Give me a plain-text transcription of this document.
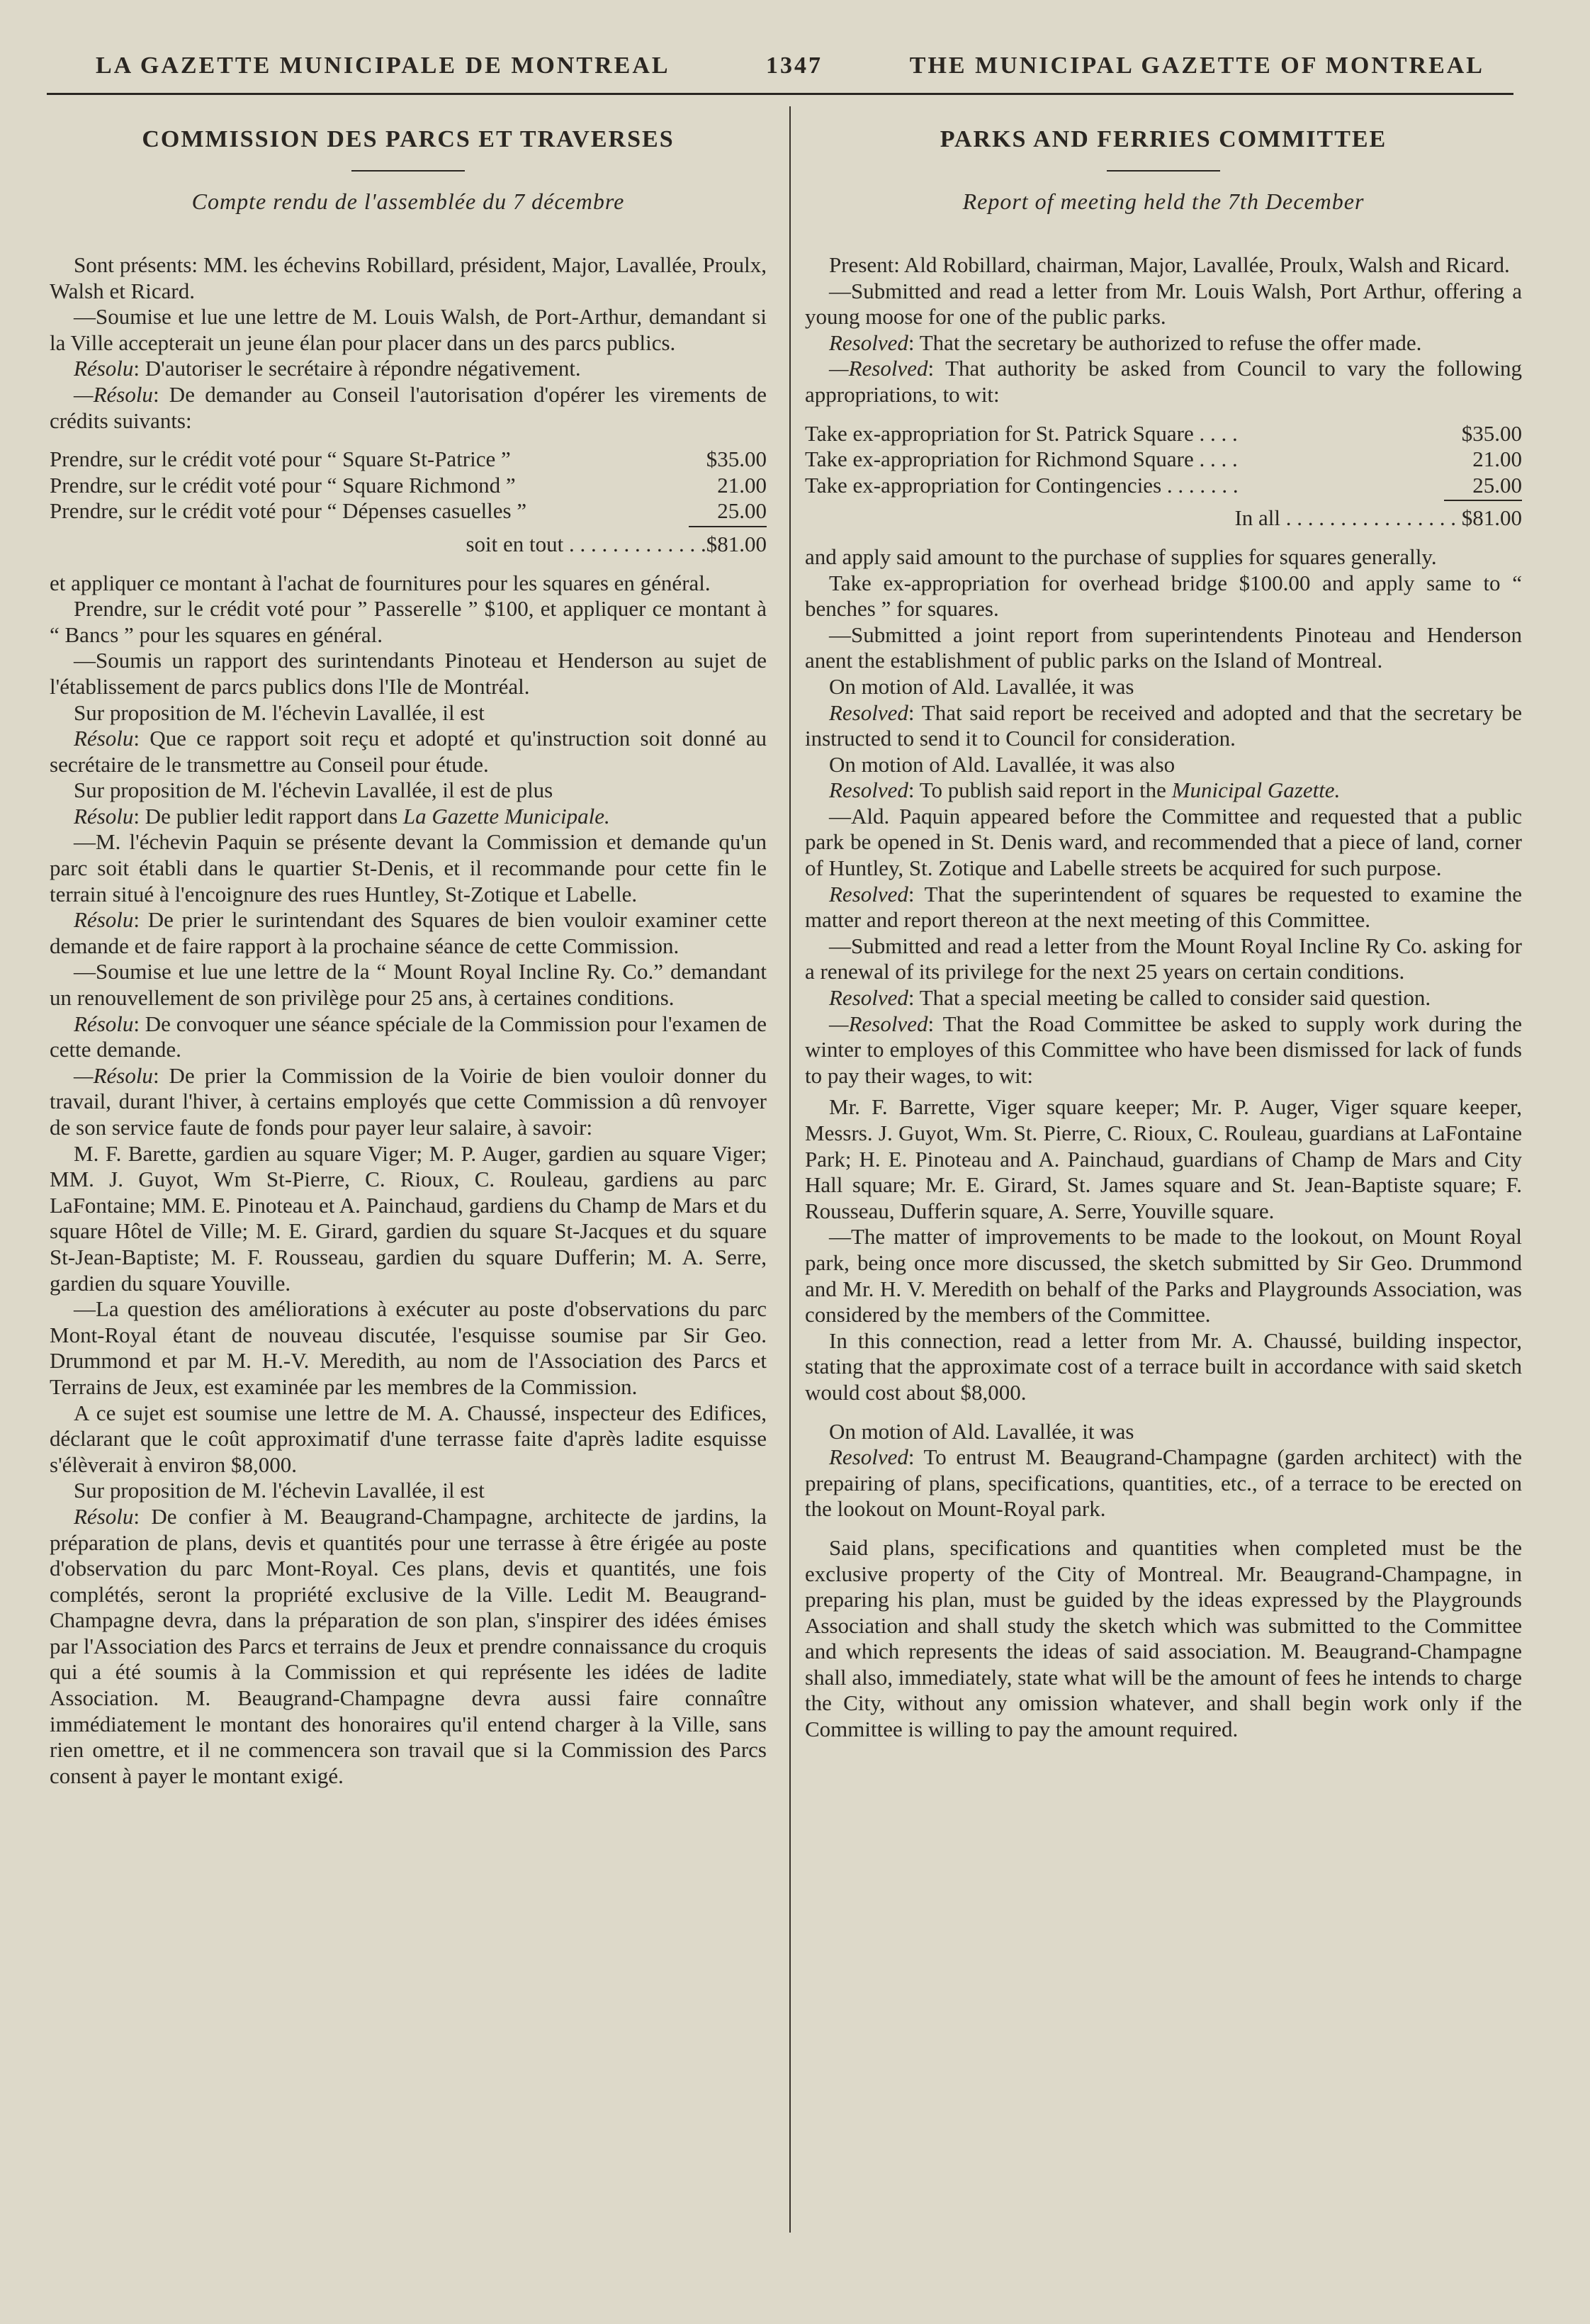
LA GAZETTE MUNICIPALE DE MONTREAL	1347	THE MUNICIPAL GAZETTE OF MONTREAL
COMMISSION DES PARCS ET TRAVERSES
Compte rendu de l'assemblée du 7 décembre

Sont présents: MM. les échevins Robillard, président, Major, Lavallée, Proulx, Walsh et Ricard.

—Soumise et lue une lettre de M. Louis Walsh, de Port-Arthur, demandant si la Ville accepterait un jeune élan pour placer dans un des parcs publics.

Résolu: D'autoriser le secrétaire à répondre négativement.

—Résolu: De demander au Conseil l'autorisation d'opérer les virements de crédits suivants:

Prendre, sur le crédit voté pour “ Square St-Patrice ”	$35.00
Prendre, sur le crédit voté pour “ Square Richmond ”	21.00
Prendre, sur le crédit voté pour “ Dépenses casuelles ”	25.00
soit en tout . . . . . . . . . . . . .$81.00

et appliquer ce montant à l'achat de fournitures pour les squares en général.

Prendre, sur le crédit voté pour ” Passerelle ” $100, et appliquer ce montant à “ Bancs ” pour les squares en général.

—Soumis un rapport des surintendants Pinoteau et Henderson au sujet de l'établissement de parcs publics dons l'Ile de Montréal.

Sur proposition de M. l'échevin Lavallée, il est

Résolu: Que ce rapport soit reçu et adopté et qu'instruction soit donné au secrétaire de le transmettre au Conseil pour étude.

Sur proposition de M. l'échevin Lavallée, il est de plus

Résolu: De publier ledit rapport dans La Gazette Municipale.

—M. l'échevin Paquin se présente devant la Commission et demande qu'un parc soit établi dans le quartier St-Denis, et il recommande pour cette fin le terrain situé à l'encoignure des rues Huntley, St-Zotique et Labelle.

Résolu: De prier le surintendant des Squares de bien vouloir examiner cette demande et de faire rapport à la prochaine séance de cette Commission.

—Soumise et lue une lettre de la “ Mount Royal Incline Ry. Co.” demandant un renouvellement de son privilège pour 25 ans, à certaines conditions.

Résolu: De convoquer une séance spéciale de la Commission pour l'examen de cette demande.

—Résolu: De prier la Commission de la Voirie de bien vouloir donner du travail, durant l'hiver, à certains employés que cette Commission a dû renvoyer de son service faute de fonds pour payer leur salaire, à savoir:

M. F. Barette, gardien au square Viger; M. P. Auger, gardien au square Viger; MM. J. Guyot, Wm St-Pierre, C. Rioux, C. Rouleau, gardiens au parc LaFontaine; MM. E. Pinoteau et A. Painchaud, gardiens du Champ de Mars et du square Hôtel de Ville; M. E. Girard, gardien du square St-Jacques et du square St-Jean-Baptiste; M. F. Rousseau, gardien du square Dufferin; M. A. Serre, gardien du square Youville.

—La question des améliorations à exécuter au poste d'observations du parc Mont-Royal étant de nouveau discutée, l'esquisse soumise par Sir Geo. Drummond et par M. H.-V. Meredith, au nom de l'Association des Parcs et Terrains de Jeux, est examinée par les membres de la Commission.

A ce sujet est soumise une lettre de M. A. Chaussé, inspecteur des Edifices, déclarant que le coût approximatif d'une terrasse faite d'après ladite esquisse s'élèverait à environ $8,000.

Sur proposition de M. l'échevin Lavallée, il est

Résolu: De confier à M. Beaugrand-Champagne, architecte de jardins, la préparation de plans, devis et quantités pour une terrasse à être érigée au poste d'observation du parc Mont-Royal. Ces plans, devis et quantités, une fois complétés, seront la propriété exclusive de la Ville. Ledit M. Beaugrand-Champagne devra, dans la préparation de son plan, s'inspirer des idées émises par l'Association des Parcs et terrains de Jeux et prendre connaissance du croquis qui a été soumis à la Commission et qui représente les idées de ladite Association. M. Beaugrand-Champagne devra aussi faire connaître immédiatement le montant des honoraires qu'il entend charger à la Ville, sans rien omettre, et il ne commencera son travail que si la Commission des Parcs consent à payer le montant exigé.

PARKS AND FERRIES COMMITTEE
Report of meeting held the 7th December

Present: Ald Robillard, chairman, Major, Lavallée, Proulx, Walsh and Ricard.

—Submitted and read a letter from Mr. Louis Walsh, Port Arthur, offering a young moose for one of the public parks.

Resolved: That the secretary be authorized to refuse the offer made.

—Resolved: That authority be asked from Council to vary the following appropriations, to wit:

Take ex-appropriation for St. Patrick Square . . . .	$35.00
Take ex-appropriation for Richmond Square . . . .	21.00
Take ex-appropriation for Contingencies . . . . . . .	25.00
In all . . . . . . . . . . . . . . . . $81.00

and apply said amount to the purchase of supplies for squares generally.

Take ex-appropriation for overhead bridge $100.00 and apply same to “ benches ” for squares.

—Submitted a joint report from superintendents Pinoteau and Henderson anent the establishment of public parks on the Island of Montreal.

On motion of Ald. Lavallée, it was

Resolved: That said report be received and adopted and that the secretary be instructed to send it to Council for consideration.

On motion of Ald. Lavallée, it was also

Resolved: To publish said report in the Municipal Gazette.

—Ald. Paquin appeared before the Committee and requested that a public park be opened in St. Denis ward, and recommended that a piece of land, corner of Huntley, St. Zotique and Labelle streets be acquired for such purpose.

Resolved: That the superintendent of squares be requested to examine the matter and report thereon at the next meeting of this Committee.

—Submitted and read a letter from the Mount Royal Incline Ry Co. asking for a renewal of its privilege for the next 25 years on certain conditions.

Resolved: That a special meeting be called to consider said question.

—Resolved: That the Road Committee be asked to supply work during the winter to employes of this Committee who have been dismissed for lack of funds to pay their wages, to wit:

Mr. F. Barrette, Viger square keeper; Mr. P. Auger, Viger square keeper, Messrs. J. Guyot, Wm. St. Pierre, C. Rioux, C. Rouleau, guardians at LaFontaine Park; H. E. Pinoteau and A. Painchaud, guardians of Champ de Mars and City Hall square; Mr. E. Girard, St. James square and St. Jean-Baptiste square; F. Rousseau, Dufferin square, A. Serre, Youville square.

—The matter of improvements to be made to the lookout, on Mount Royal park, being once more discussed, the sketch submitted by Sir Geo. Drummond and Mr. H. V. Meredith on behalf of the Parks and Playgrounds Association, was considered by the members of the Committee.

In this connection, read a letter from Mr. A. Chaussé, building inspector, stating that the approximate cost of a terrace built in accordance with said sketch would cost about $8,000.

On motion of Ald. Lavallée, it was

Resolved: To entrust M. Beaugrand-Champagne (garden architect) with the prepairing of plans, specifications, quantities, etc., of a terrace to be erected on the lookout on Mount-Royal park.

Said plans, specifications and quantities when completed must be the exclusive property of the City of Montreal. Mr. Beaugrand-Champagne, in preparing his plan, must be guided by the ideas expressed by the Playgrounds Association and shall study the sketch which was submitted to the Committee and which represents the ideas of said association. M. Beaugrand-Champagne shall also, immediately, state what will be the amount of fees he intends to charge the City, without any omission whatever, and shall begin work only if the Committee is willing to pay the amount required.
